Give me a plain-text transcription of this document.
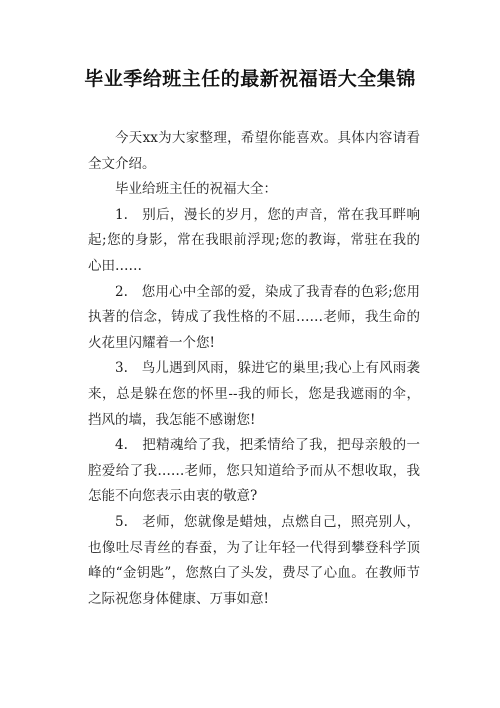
毕业季给班主任的最新祝福语大全集锦

今天xx为大家整理，希望你能喜欢。具体内容请看全文介绍。

毕业给班主任的祝福大全：

1.　别后，漫长的岁月，您的声音，常在我耳畔响起;您的身影，常在我眼前浮现;您的教诲，常驻在我的心田……

2.　您用心中全部的爱，染成了我青春的色彩;您用执著的信念，铸成了我性格的不屈……老师，我生命的火花里闪耀着一个您!

3.　鸟儿遇到风雨，躲进它的巢里;我心上有风雨袭来，总是躲在您的怀里--我的师长，您是我遮雨的伞，挡风的墙，我怎能不感谢您!

4.　把精魂给了我，把柔情给了我，把母亲般的一腔爱给了我……老师，您只知道给予而从不想收取，我怎能不向您表示由衷的敬意?

5.　老师，您就像是蜡烛，点燃自己，照亮别人，也像吐尽青丝的春蚕，为了让年轻一代得到攀登科学顶峰的“金钥匙”，您熬白了头发，费尽了心血。在教师节之际祝您身体健康、万事如意!
